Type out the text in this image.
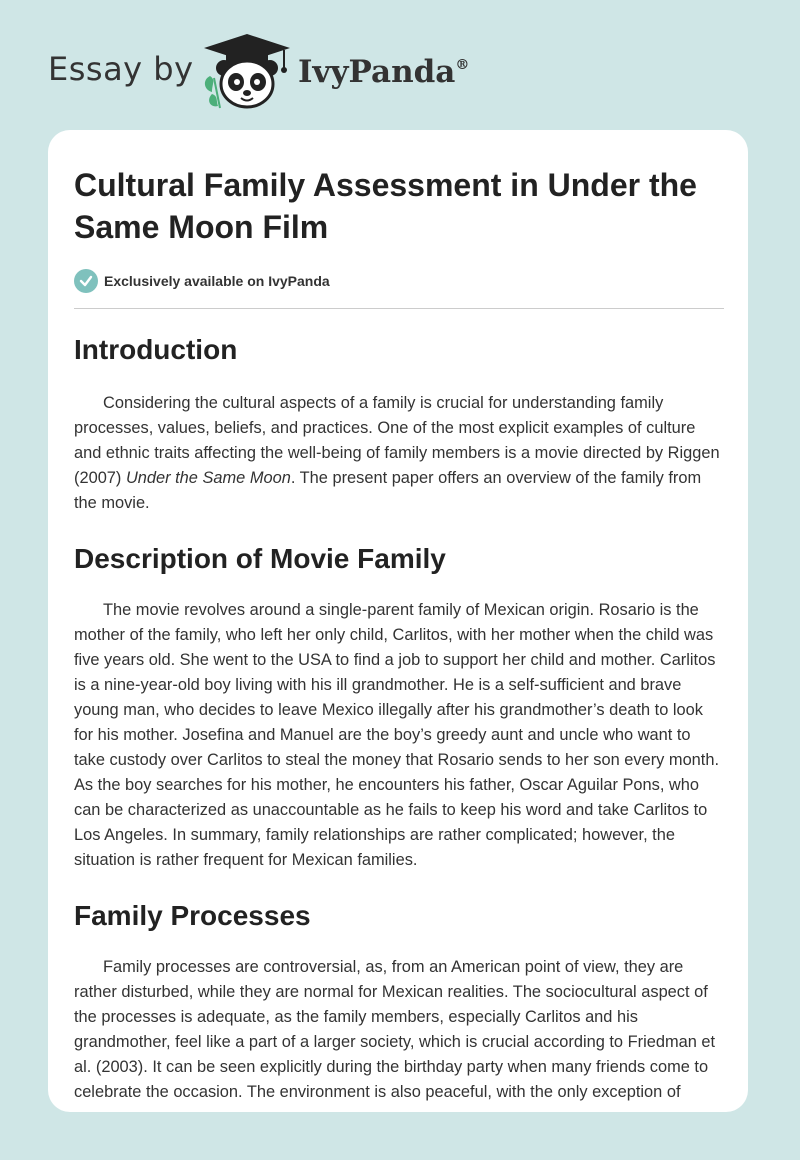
Essay by	IvyPanda®
Cultural Family Assessment in Under the Same Moon Film
Exclusively available on IvyPanda
Introduction

Considering the cultural aspects of a family is crucial for understanding family processes, values, beliefs, and practices. One of the most explicit examples of culture and ethnic traits affecting the well-being of family members is a movie directed by Riggen (2007) Under the Same Moon. The present paper offers an overview of the family from the movie.

Description of Movie Family

The movie revolves around a single-parent family of Mexican origin. Rosario is the mother of the family, who left her only child, Carlitos, with her mother when the child was five years old. She went to the USA to find a job to support her child and mother. Carlitos is a nine-year-old boy living with his ill grandmother. He is a self-sufficient and brave young man, who decides to leave Mexico illegally after his grandmother’s death to look for his mother. Josefina and Manuel are the boy’s greedy aunt and uncle who want to take custody over Carlitos to steal the money that Rosario sends to her son every month. As the boy searches for his mother, he encounters his father, Oscar Aguilar Pons, who can be characterized as unaccountable as he fails to keep his word and take Carlitos to Los Angeles. In summary, family relationships are rather complicated; however, the situation is rather frequent for Mexican families.

Family Processes

Family processes are controversial, as, from an American point of view, they are rather disturbed, while they are normal for Mexican realities. The sociocultural aspect of the processes is adequate, as the family members, especially Carlitos and his grandmother, feel like a part of a larger society, which is crucial according to Friedman et al. (2003). It can be seen explicitly during the birthday party when many friends come to celebrate the occasion. The environment is also peaceful, with the only exception of
